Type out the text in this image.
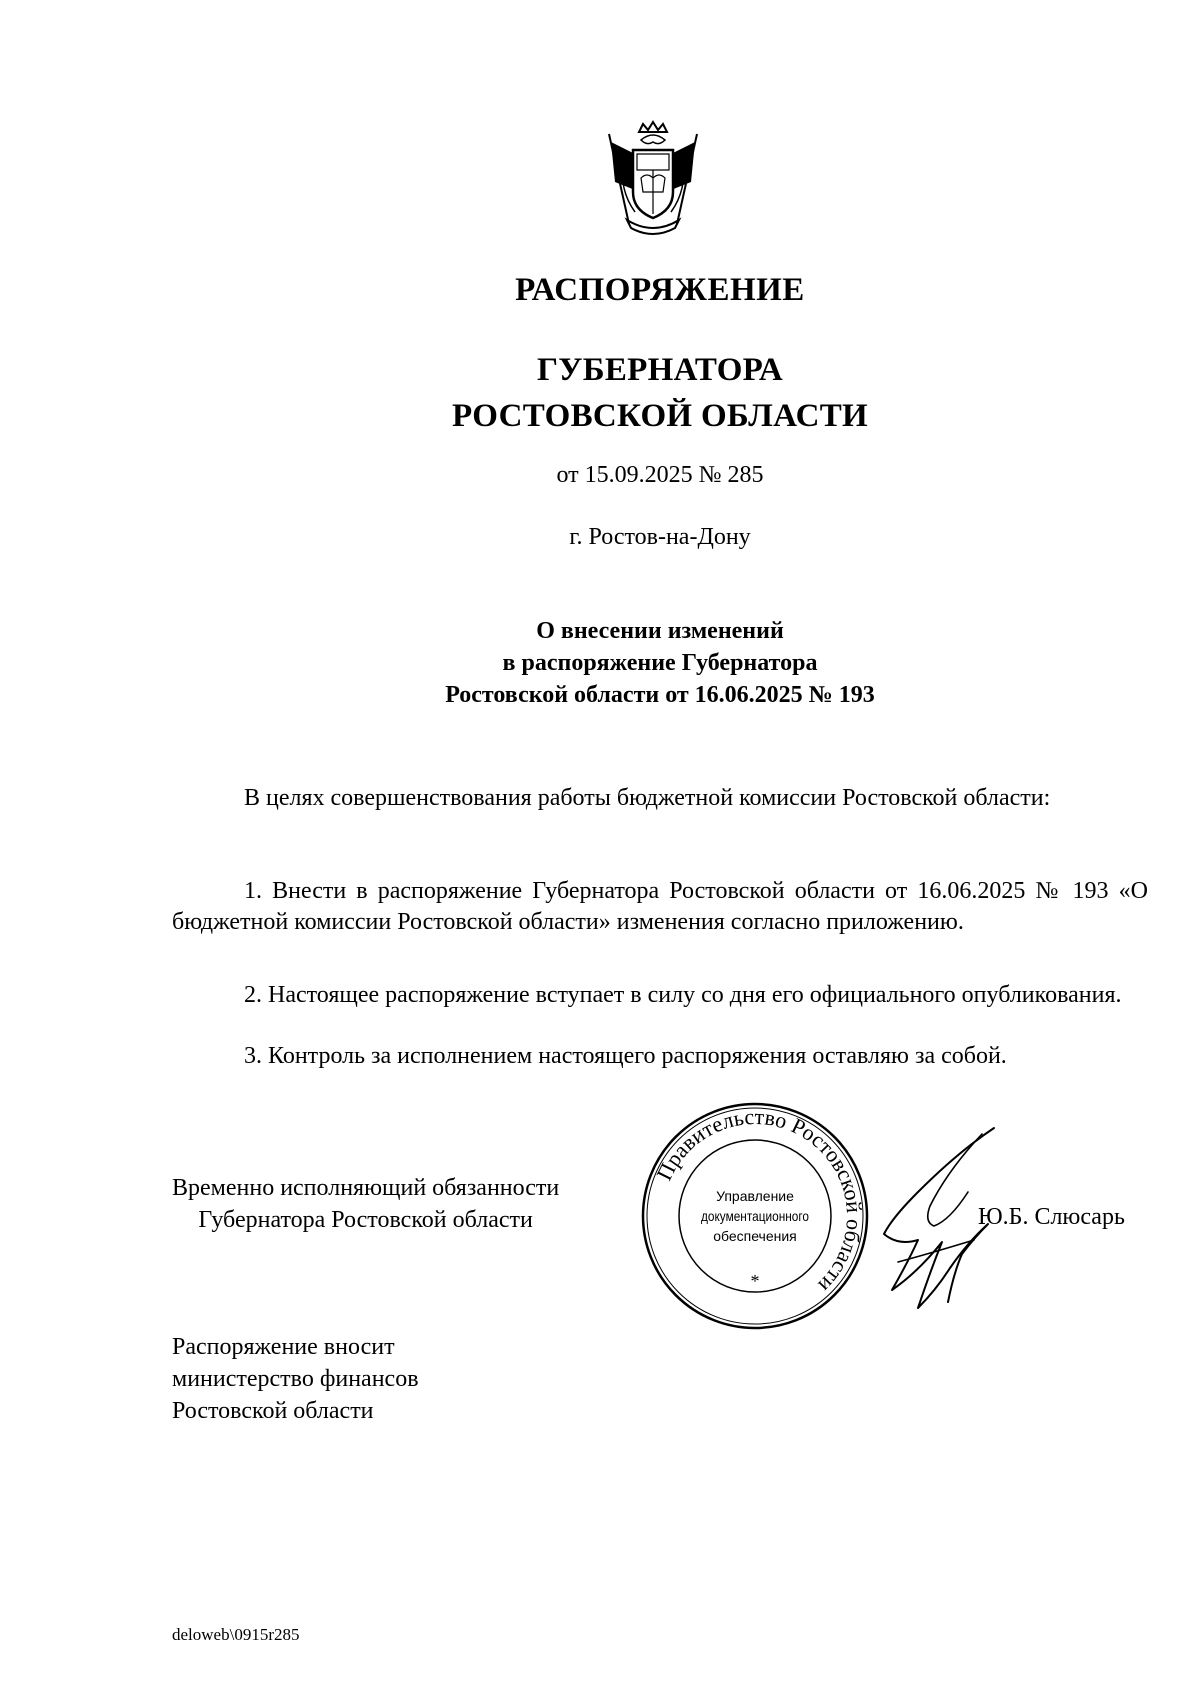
РАСПОРЯЖЕНИЕ
ГУБЕРНАТОРА
РОСТОВСКОЙ ОБЛАСТИ
от 15.09.2025 № 285
г. Ростов-на-Дону
О внесении изменений
в распоряжение Губернатора
Ростовской области от 16.06.2025 № 193

В целях совершенствования работы бюджетной комиссии Ростовской области:

1. Внести в распоряжение Губернатора Ростовской области от 16.06.2025 № 193 «О бюджетной комиссии Ростовской области» изменения согласно приложению.

2. Настоящее распоряжение вступает в силу со дня его официального опубликования.

3. Контроль за исполнением настоящего распоряжения оставляю за собой.

Временно исполняющий обязанности
Губернатора Ростовской области
Правительство Ростовской области
*
Управление
документационного
обеспечения
Ю.Б. Слюсарь
Распоряжение вносит
министерство финансов
Ростовской области
deloweb\0915r285
